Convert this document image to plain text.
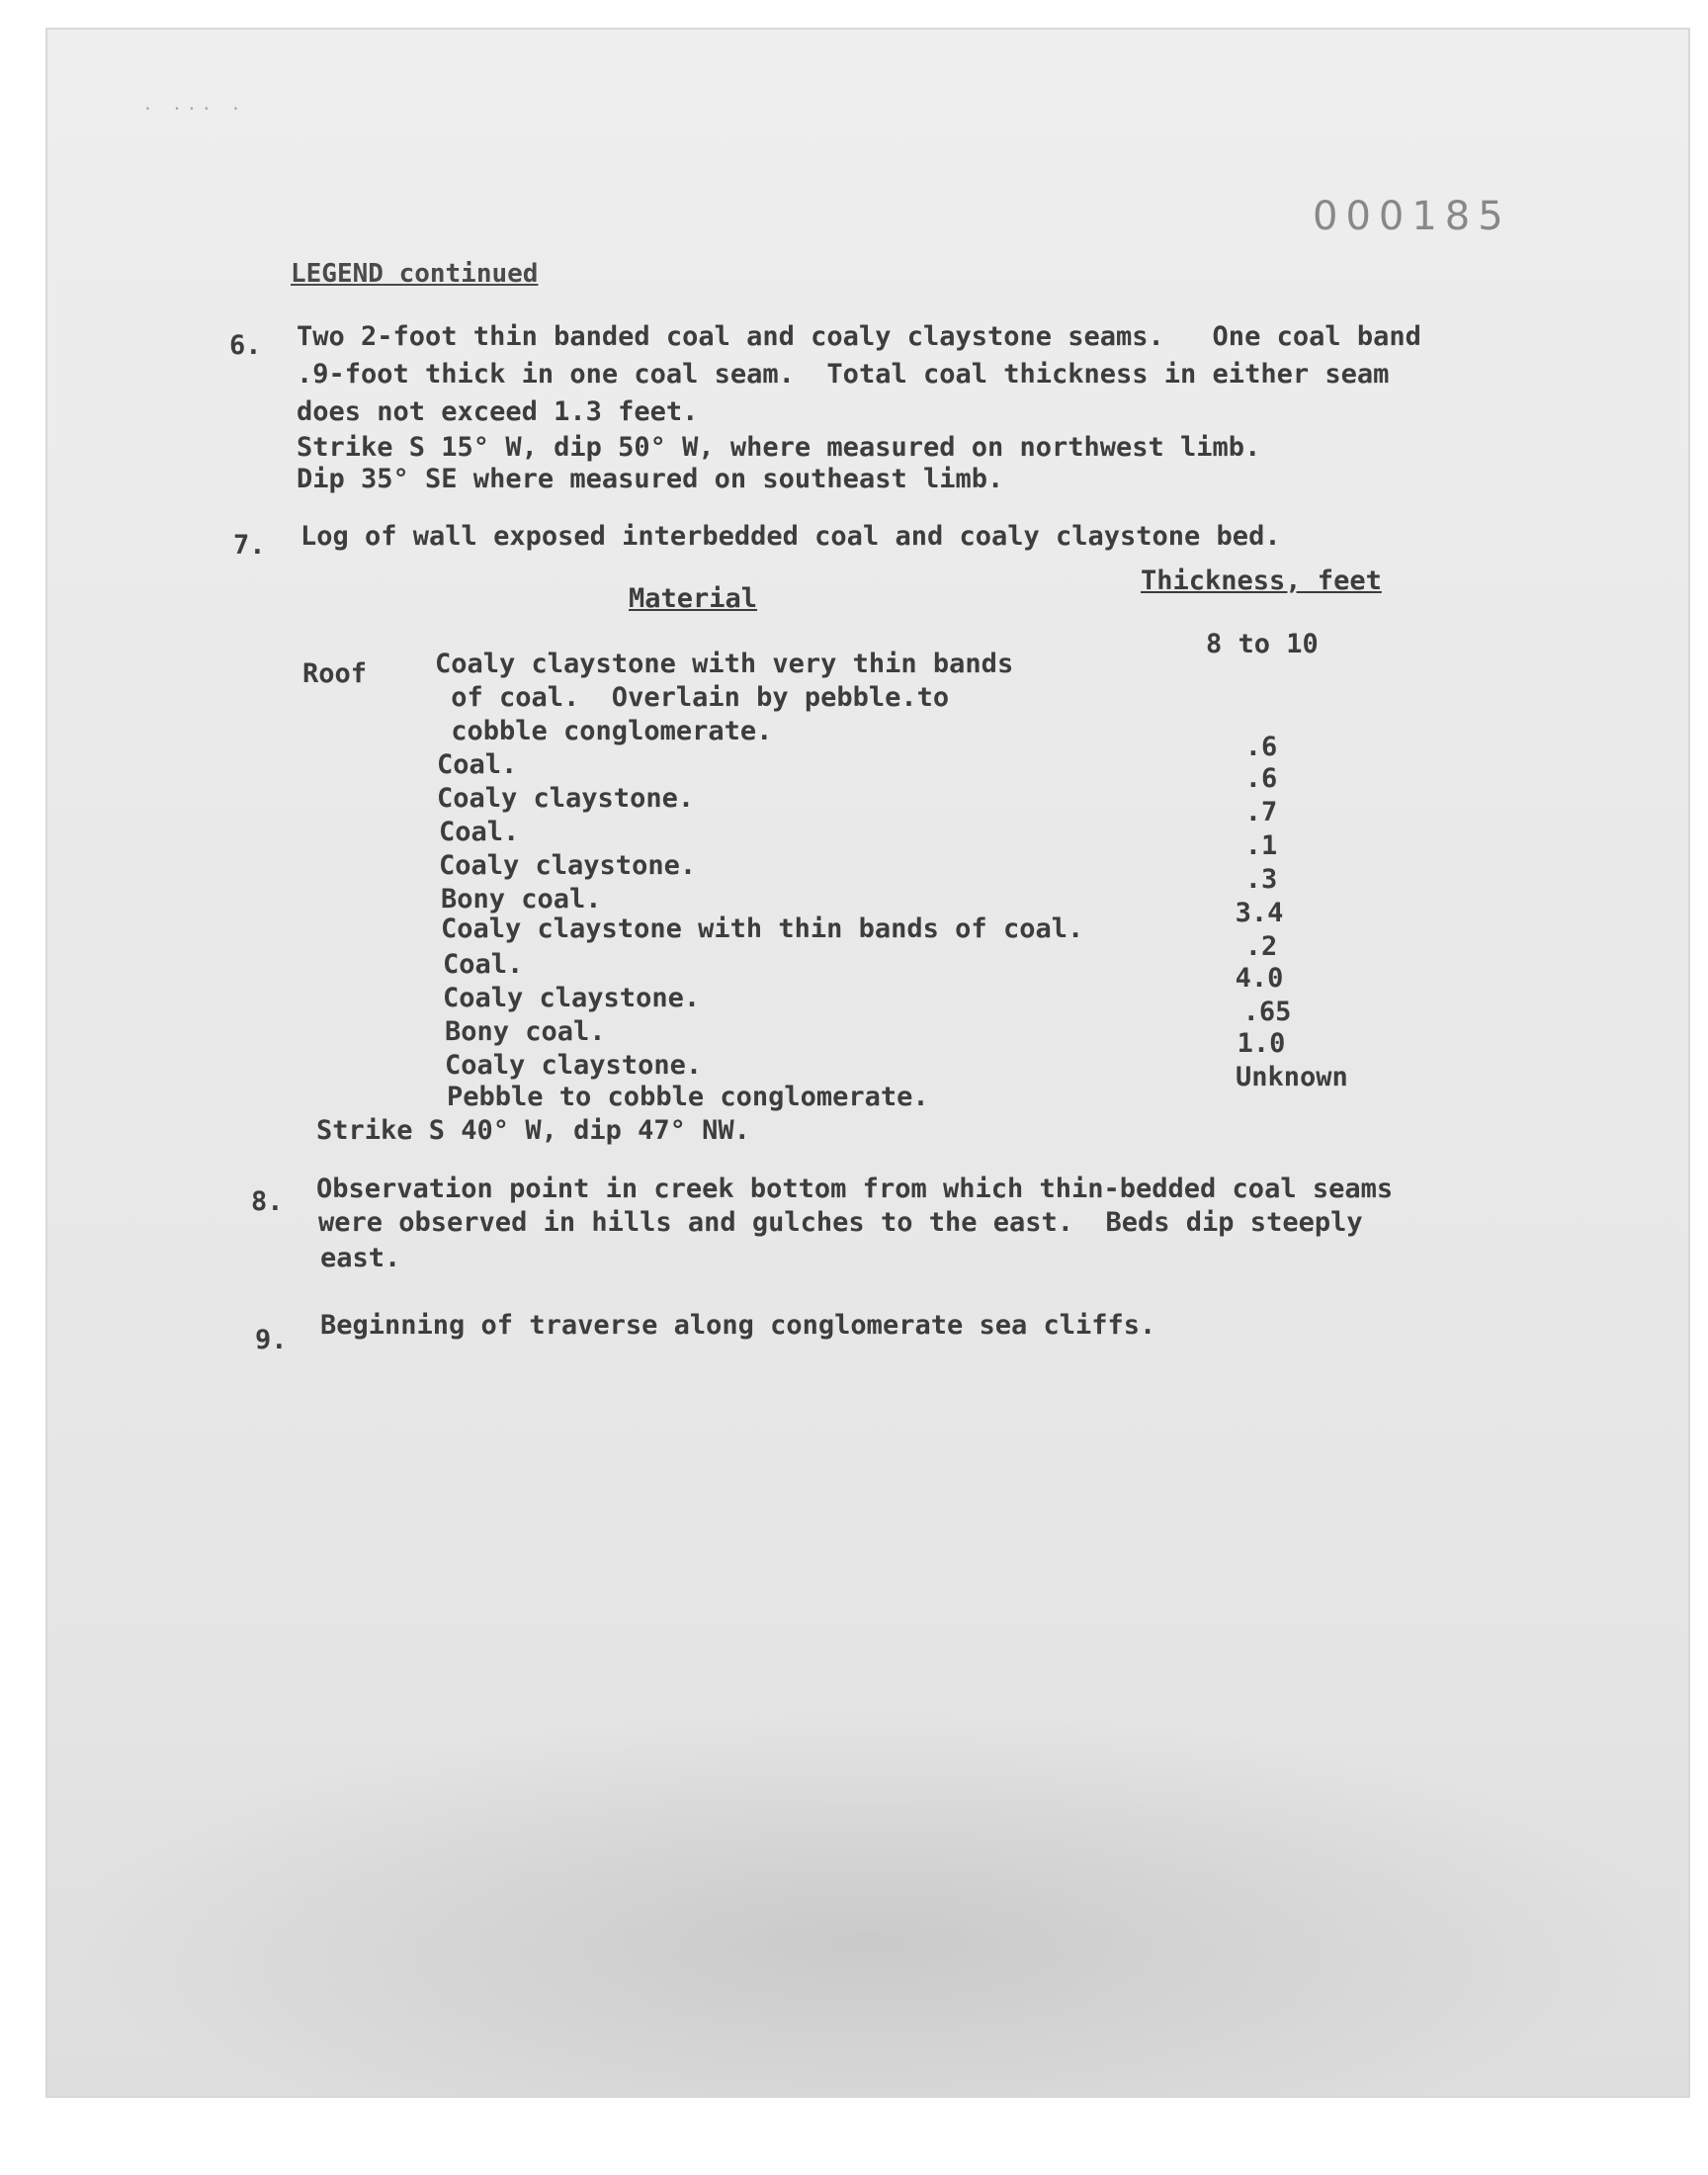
· ··· ·
000185
LEGEND continued
6. Two 2-foot thin banded coal and coaly claystone seams.   One coal band
.9-foot thick in one coal seam.  Total coal thickness in either seam
does not exceed 1.3 feet.
Strike S 15° W, dip 50° W, where measured on northwest limb.
Dip 35° SE where measured on southeast limb.
7. Log of wall exposed interbedded coal and coaly claystone bed.
Material
Thickness, feet
Roof	Coaly claystone with very thin bands
of coal.  Overlain by pebble.to
cobble conglomerate.
8 to 10
Coal.
.6
Coaly claystone.
.6
Coal.
.7
Coaly claystone.
.1
Bony coal.
.3
Coaly claystone with thin bands of coal.
3.4
Coal.
.2
Coaly claystone.
4.0
Bony coal.
.65
Coaly claystone.
1.0
Pebble to cobble conglomerate.
Unknown
Strike S 40° W, dip 47° NW.
8. Observation point in creek bottom from which thin-bedded coal seams
were observed in hills and gulches to the east.  Beds dip steeply
east.
9. Beginning of traverse along conglomerate sea cliffs.
